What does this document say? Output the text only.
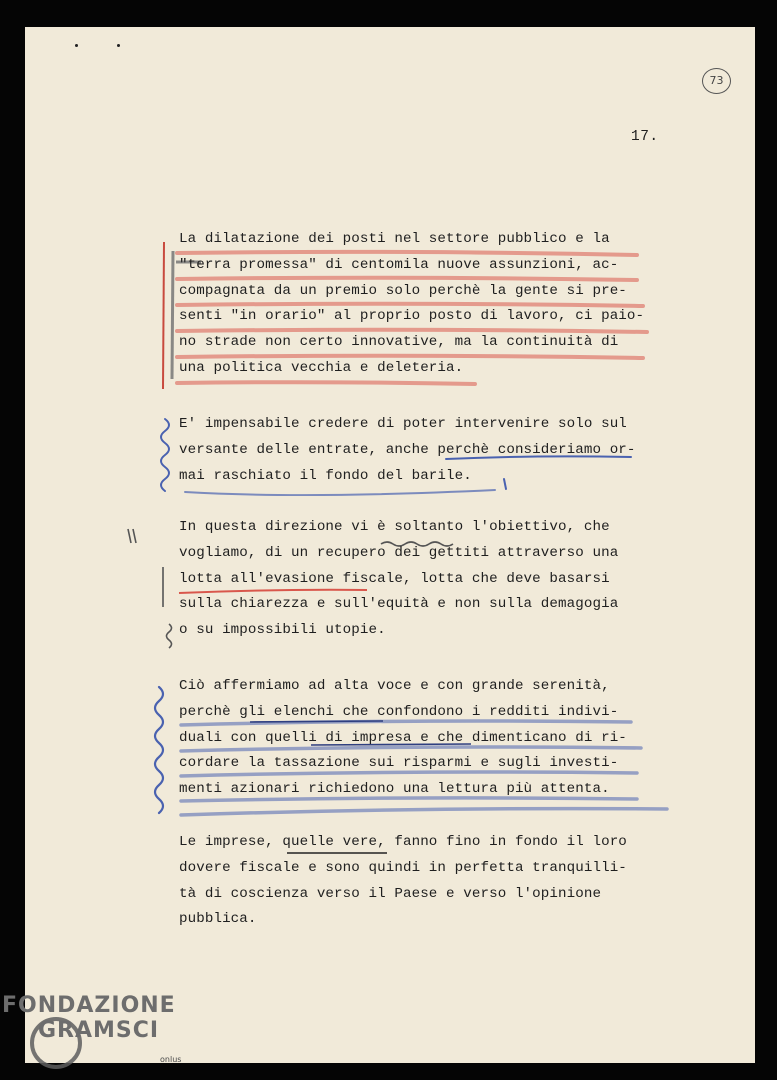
73
17.
La dilatazione dei posti nel settore pubblico e la
"terra promessa" di centomila nuove assunzioni, ac-
compagnata da un premio solo perchè la gente si pre-
senti "in orario" al proprio posto di lavoro, ci paio-
no strade non certo innovative, ma la continuità di
una politica vecchia e deleteria.
E' impensabile credere di poter intervenire solo sul
versante delle entrate, anche perchè consideriamo or-
mai raschiato il fondo del barile.
In questa direzione vi è soltanto l'obiettivo, che
vogliamo, di un recupero dei gettiti attraverso una
lotta all'evasione fiscale, lotta che deve basarsi
sulla chiarezza e sull'equità e non sulla demagogia
o su impossibili utopie.
Ciò affermiamo ad alta voce e con grande serenità,
perchè gli elenchi che confondono i redditi indivi-
duali con quelli di impresa e che dimenticano di ri-
cordare la tassazione sui risparmi e sugli investi-
menti azionari richiedono una lettura più attenta.
Le imprese, quelle vere, fanno fino in fondo il loro
dovere fiscale e sono quindi in perfetta tranquilli-
tà di coscienza verso il Paese e verso l'opinione
pubblica.
FONDAZIONE
GRAMSCI
onlus
